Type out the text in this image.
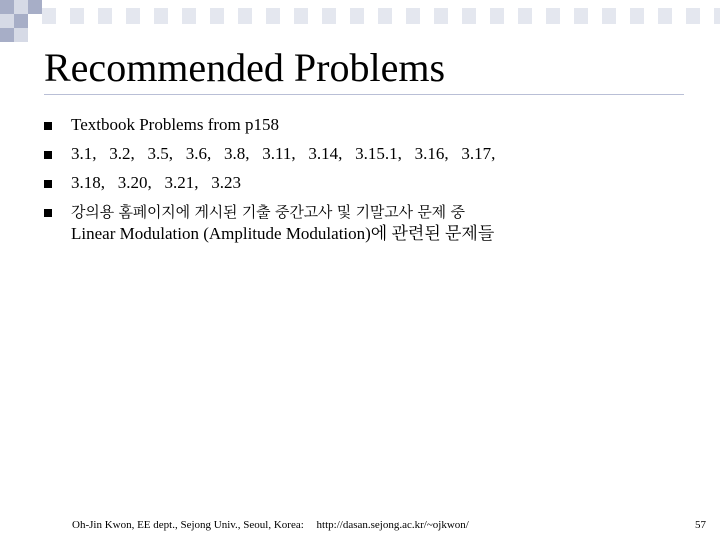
Recommended Problems
Textbook Problems from p158
3.1,   3.2,   3.5,   3.6,   3.8,   3.11,   3.14,   3.15.1,   3.16,   3.17,
3.18,   3.20,   3.21,   3.23
강의용 홈페이지에 게시된 기출 중간고사 및 기말고사 문제 중
Linear Modulation (Amplitude Modulation)에 관련된 문제들
Oh-Jin Kwon, EE dept., Sejong Univ., Seoul, Korea: http://dasan.sejong.ac.kr/~ojkwon/	57
